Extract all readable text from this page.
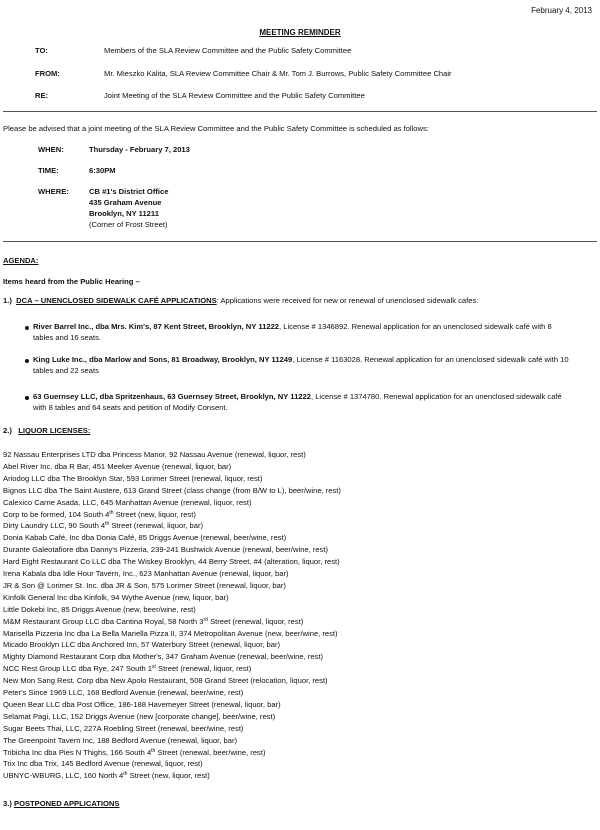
February 4, 2013
MEETING REMINDER
TO:	Members of the SLA Review Committee and the Public Safety Committee
FROM:	Mr. Mieszko Kalita, SLA Review Committee Chair & Mr. Tom J. Burrows, Public Safety Committee Chair
RE:	Joint Meeting of the SLA Review Committee and the Public Safety Committee
Please be advised that a joint meeting of the SLA Review Committee and the Public Safety Committee is scheduled as follows:
WHEN:	Thursday - February 7, 2013
TIME:	6:30PM
WHERE:	CB #1's District Office
435 Graham Avenue
Brooklyn, NY 11211
(Corner of Frost Street)
AGENDA:
Items heard from the Public Hearing –
1.) DCA – UNENCLOSED SIDEWALK CAFÉ APPLICATIONS: Applications were received for new or renewal of unenclosed sidewalk cafes:
River Barrel Inc., dba Mrs. Kim's, 87 Kent Street, Brooklyn, NY 11222, License # 1346892. Renewal application for an unenclosed sidewalk café with 8
tables and 16 seats.
King Luke Inc., dba Marlow and Sons, 81 Broadway, Brooklyn, NY 11249, License # 1163028. Renewal application for an unenclosed sidewalk café with 10
tables and 22 seats
63 Guernsey LLC, dba Spritzenhaus, 63 Guernsey Street, Brooklyn, NY 11222, License # 1374780. Renewal application for an unenclosed sidewalk café
with 8 tables and 64 seats and petition of Modify Consent.
2.) LIQUOR LICENSES:
92 Nassau Enterprises LTD dba Princess Manor, 92 Nassau Avenue (renewal, liquor, rest)
Abel River Inc. dba R Bar, 451 Meeker Avenue (renewal, liquor, bar)
Ariodog LLC dba The Brooklyn Star, 593 Lorimer Street (renewal, liquor, rest)
Bignos LLC dba The Saint Austere, 613 Grand Street (class change (from B/W to L), beer/wine, rest)
Calexico Carne Asada, LLC, 645 Manhattan Avenue (renewal, liquor, rest)
Corp to be formed, 104 South 4th Street (new, liquor, rest)
Dirty Laundry LLC, 90 South 4th Street (renewal, liquor, bar)
Donia Kabab Café, Inc dba Donia Café, 85 Driggs Avenue (renewal, beer/wine, rest)
Durante Galeotafiore dba Danny's Pizzeria, 239-241 Bushwick Avenue (renewal, beer/wine, rest)
Hard Eight Restaurant Co LLC dba The Wiskey Brooklyn, 44 Berry Street, #4 (alteration, liquor, rest)
Irena Kabala dba Idle Hour Tavern, Inc., 623 Manhattan Avenue (renewal, liquor, bar)
JR & Son @ Lorimer St. Inc. dba JR & Son, 575 Lorimer Street (renewal, liquor, bar)
Kinfolk General Inc dba Kinfolk, 94 Wythe Avenue (new, liquor, bar)
Little Dokebi Inc, 85 Driggs Avenue (new, beer/wine, rest)
M&M Restaurant Group LLC dba Cantina Royal, 58 North 3rd Street (renewal, liquor, rest)
Marisella Pizzeria Inc dba La Bella Mariella Pizza II, 374 Metropolitan Avenue (new, beer/wine, rest)
Micado Brooklyn LLC dba Anchored Inn, 57 Waterbury Street (renewal, liquor, bar)
Mighty Diamond Restaurant Corp dba Mother's, 347 Graham Avenue (renewal, beer/wine, rest)
NCC Rest Group LLC dba Rye, 247 South 1st Street (renewal, liquor, rest)
New Mon Sang Rest. Corp dba New Apolo Restaurant, 508 Grand Street (relocation, liquor, rest)
Peter's Since 1969 LLC, 168 Bedford Avenue (renewal, beer/wine, rest)
Queen Bear LLC dba Post Office, 186-188 Havemeyer Street (renewal, liquor, bar)
Selamat Pagi, LLC, 152 Driggs Avenue (new [corporate change], beer/wine, rest)
Sugar Beets Thai, LLC, 227A Roebling Street (renewal, beer/wine, rest)
The Greenpoint Tavern Inc, 188 Bedford Avenue (renewal, liquor, bar)
Tribicha Inc dba Pies N Thighs, 166 South 4th Street (renewal, beer/wine, rest)
Trix Inc dba Trix, 145 Bedford Avenue (renewal, liquor, rest)
UBNYC-WBURG, LLC, 160 North 4th Street (new, liquor, rest)
3.) POSTPONED APPLICATIONS
